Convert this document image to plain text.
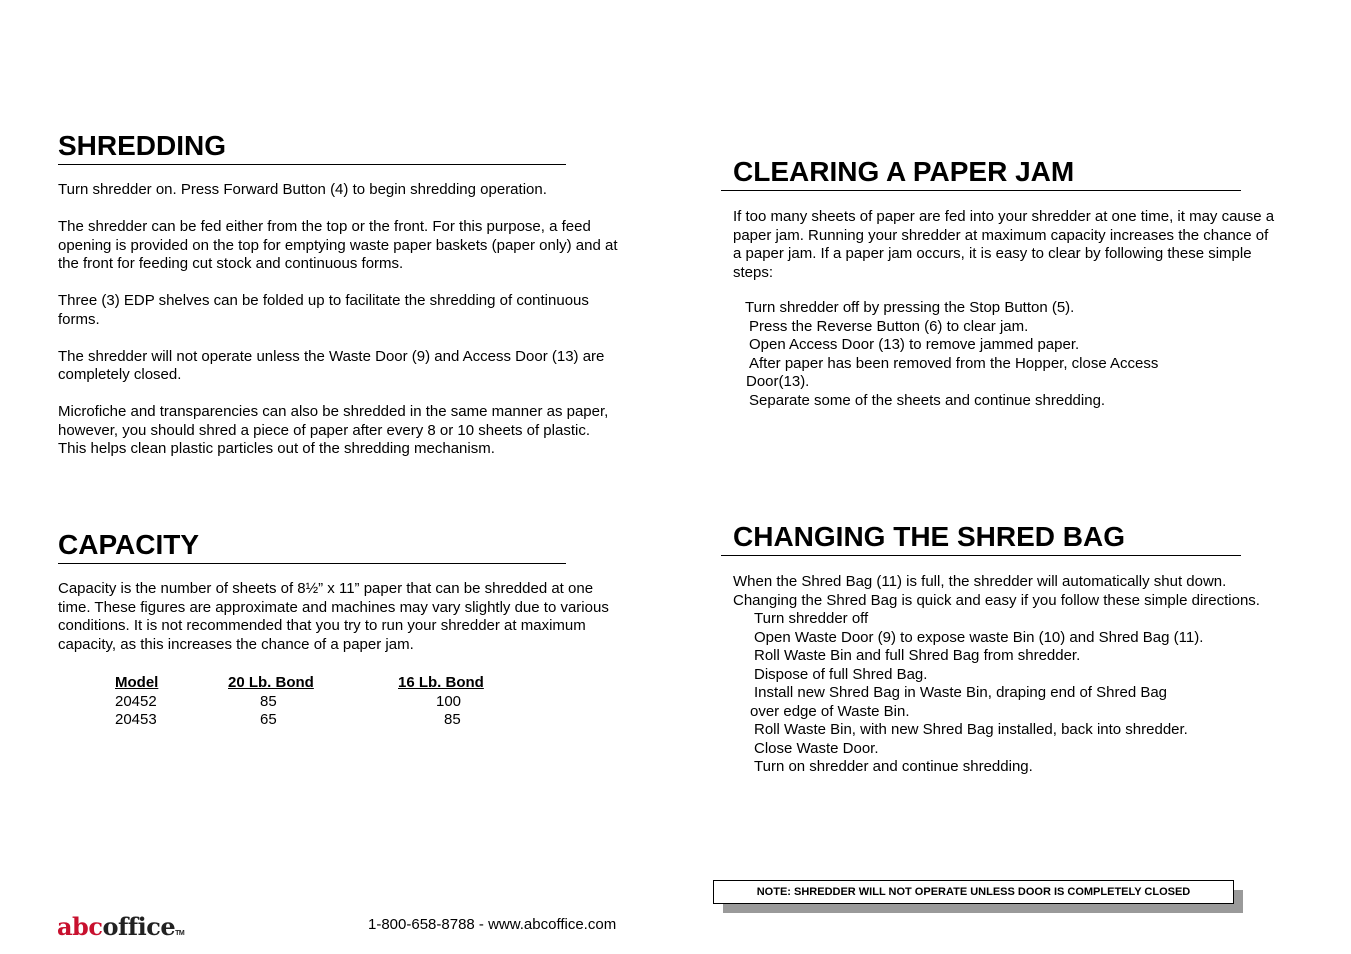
SHREDDING

Turn shredder on. Press Forward Button (4) to begin shredding operation.

The shredder can be fed either from the top or the front. For this purpose, a feed opening is provided on the top for emptying waste paper baskets (paper only) and at the front for feeding cut stock and continuous forms.

Three (3) EDP shelves can be folded up to facilitate the shredding of continuous forms.

The shredder will not operate unless the Waste Door (9) and Access Door (13) are completely closed.

Microfiche and transparencies can also be shredded in the same manner as paper, however, you should shred a piece of paper after every 8 or 10 sheets of plastic. This helps clean plastic particles out of the shredding mechanism.

CAPACITY

Capacity is the number of sheets of 8½” x 11” paper that can be shredded at one time. These figures are approximate and machines may vary slightly due to various conditions. It is not recommended that you try to run your shredder at maximum capacity, as this increases the chance of a paper jam.

Model	20 Lb. Bond	16 Lb. Bond
20452	85	100
20453	65	85
CLEARING A PAPER JAM

If too many sheets of paper are fed into your shredder at one time, it may cause a paper jam. Running your shredder at maximum capacity increases the chance of a paper jam. If a paper jam occurs, it is easy to clear by following these simple steps:

Turn shredder off by pressing the Stop Button (5).
Press the Reverse Button (6) to clear jam.
Open Access Door (13) to remove jammed paper.
After paper has been removed from the Hopper, close Access
Door(13).
Separate some of the sheets and continue shredding.
CHANGING THE SHRED BAG

When the Shred Bag (11) is full, the shredder will automatically shut down. Changing the Shred Bag is quick and easy if you follow these simple directions.

Turn shredder off
Open Waste Door (9) to expose waste Bin (10) and Shred Bag (11).
Roll Waste Bin and full Shred Bag from shredder.
Dispose of full Shred Bag.
Install new Shred Bag in Waste Bin, draping end of Shred Bag
over edge of Waste Bin.
Roll Waste Bin, with new Shred Bag installed, back into shredder.
Close Waste Door.
Turn on shredder and continue shredding.
NOTE: SHREDDER WILL NOT OPERATE UNLESS DOOR IS COMPLETELY CLOSED
abcofficeTM
1-800-658-8788 - www.abcoffice.com
